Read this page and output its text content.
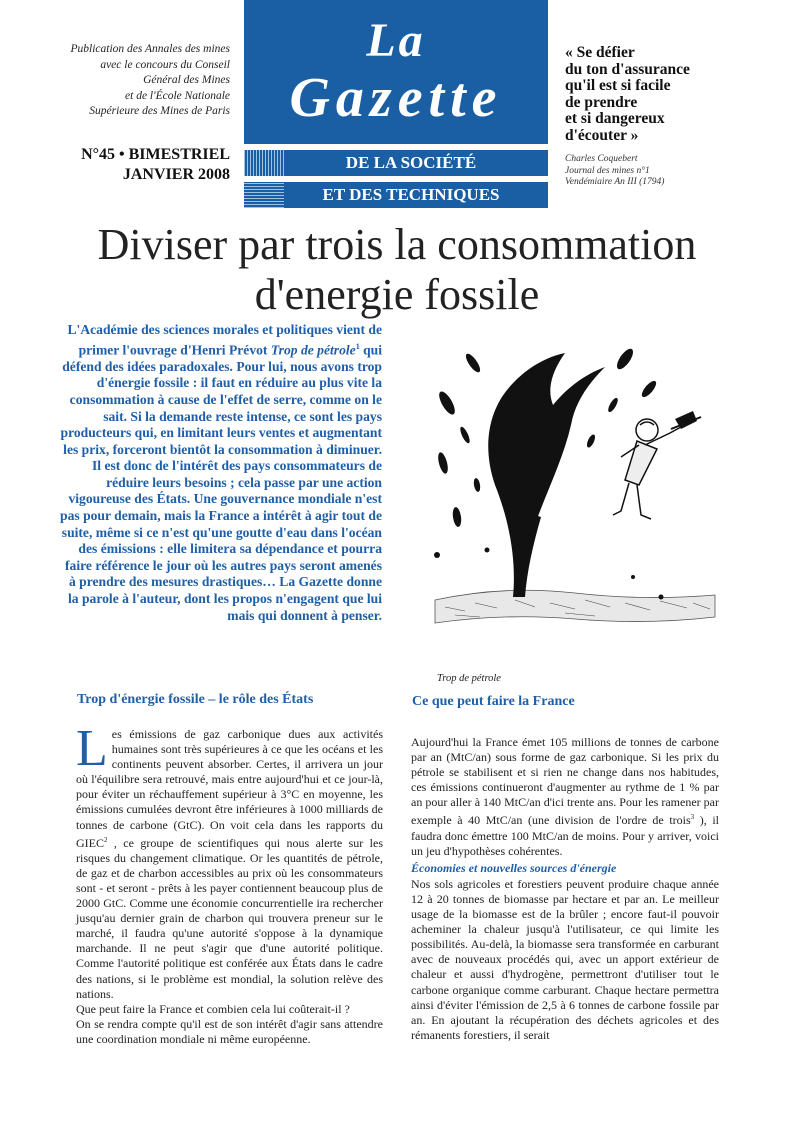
Publication des Annales des mines
avec le concours du Conseil
Général des Mines
et de l'École Nationale
Supérieure des Mines de Paris
N°45 • BIMESTRIEL
JANVIER 2008
La
Gazette
DE LA SOCIÉTÉ
ET DES TECHNIQUES
« Se défier
du ton d'assurance
qu'il est si facile
de prendre
et si dangereux
d'écouter »
Charles Coquebert
Journal des mines n°1
Vendémiaire An III (1794)
Diviser par trois la consommation
d'energie fossile
L'Académie des sciences morales et politiques vient de primer l'ouvrage d'Henri Prévot Trop de pétrole$^1$ qui défend des idées paradoxales. Pour lui, nous avons trop d'énergie fossile : il faut en réduire au plus vite la consommation à cause de l'effet de serre, comme on le sait. Si la demande reste intense, ce sont les pays producteurs qui, en limitant leurs ventes et augmentant les prix, forceront bientôt la consommation à diminuer. Il est donc de l'intérêt des pays consommateurs de réduire leurs besoins ; cela passe par une action vigoureuse des États. Une gouvernance mondiale n'est pas pour demain, mais la France a intérêt à agir tout de suite, même si ce n'est qu'une goutte d'eau dans l'océan des émissions : elle limitera sa dépendance et pourra faire référence le jour où les autres pays seront amenés à prendre des mesures drastiques… La Gazette donne la parole à l'auteur, dont les propos n'engagent que lui mais qui donnent à penser.
Trop de pétrole
Trop d'énergie fossile – le rôle des États	Ce que peut faire la France

Les émissions de gaz carbonique dues aux activités humaines sont très supérieures à ce que les océans et les continents peuvent absorber. Certes, il arrivera un jour où l'équilibre sera retrouvé, mais entre aujourd'hui et ce jour-là, pour éviter un réchauffement supérieur à 3°C en moyenne, les émissions cumulées devront être inférieures à 1000 milliards de tonnes de carbone (GtC). On voit cela dans les rapports du GIEC$^2$ , ce groupe de scientifiques qui nous alerte sur les risques du changement climatique. Or les quantités de pétrole, de gaz et de charbon accessibles au prix où les consommateurs sont - et seront - prêts à les payer contiennent beaucoup plus de 2000 GtC. Comme une économie concurrentielle ira rechercher jusqu'au dernier grain de charbon qui trouvera preneur sur le marché, il faudra qu'une autorité s'oppose à la dynamique marchande. Il ne peut s'agir que d'une autorité politique. Comme l'autorité politique est conférée aux États dans le cadre des nations, si le problème est mondial, la solution relève des nations.

Que peut faire la France et combien cela lui coûterait-il ?

On se rendra compte qu'il est de son intérêt d'agir sans attendre une coordination mondiale ni même européenne.

Aujourd'hui la France émet 105 millions de tonnes de carbone par an (MtC/an) sous forme de gaz carbonique. Si les prix du pétrole se stabilisent et si rien ne change dans nos habitudes, ces émissions continueront d'augmenter au rythme de 1 % par an pour aller à 140 MtC/an d'ici trente ans. Pour les ramener par exemple à 40 MtC/an (une division de l'ordre de trois$^3$ ), il faudra donc émettre 100 MtC/an de moins. Pour y arriver, voici un jeu d'hypothèses cohérentes.

Économies et nouvelles sources d'énergie

Nos sols agricoles et forestiers peuvent produire chaque année 12 à 20 tonnes de biomasse par hectare et par an. Le meilleur usage de la biomasse est de la brûler ; encore faut-il pouvoir acheminer la chaleur jusqu'à l'utilisateur, ce qui limite les possibilités. Au-delà, la biomasse sera transformée en carburant avec de nouveaux procédés qui, avec un apport extérieur de chaleur et aussi d'hydrogène, permettront d'utiliser tout le carbone organique comme carburant. Chaque hectare permettra ainsi d'éviter l'émission de 2,5 à 6 tonnes de carbone fossile par an. En ajoutant la récupération des déchets agricoles et des rémanents forestiers, il serait
